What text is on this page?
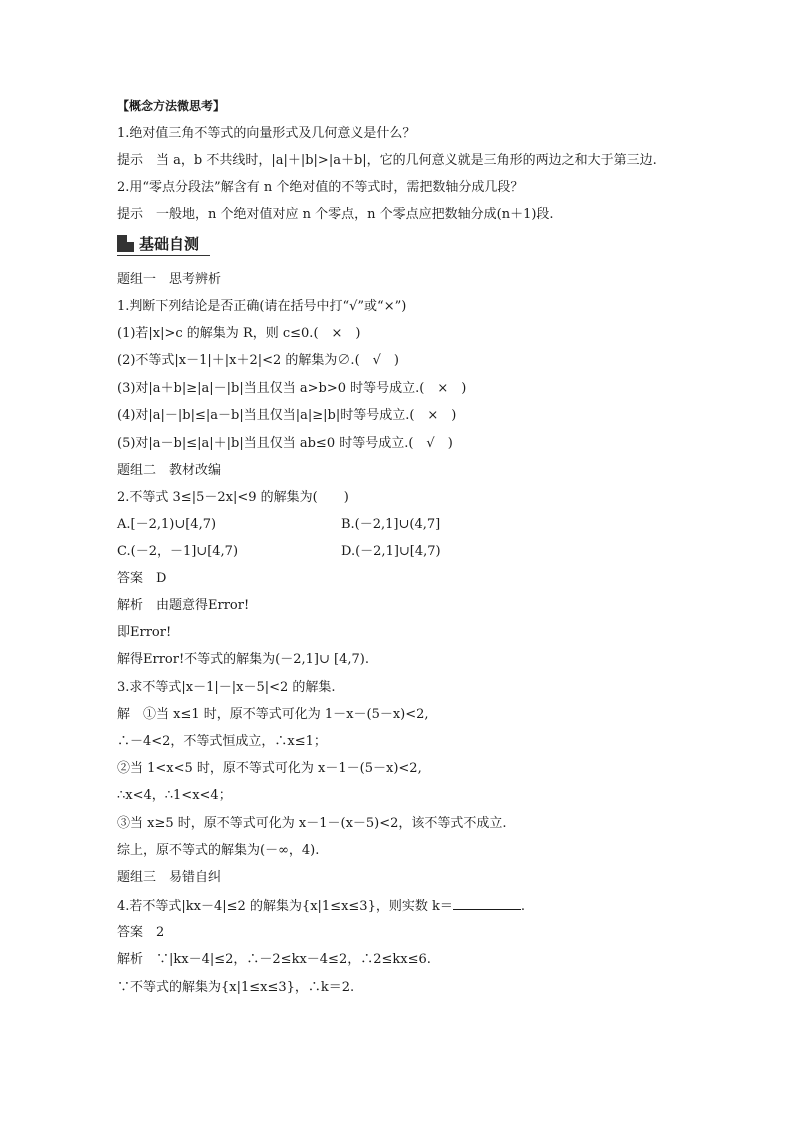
【概念方法微思考】
1.绝对值三角不等式的向量形式及几何意义是什么？
提示　当 a，b 不共线时，|a|＋|b|>|a＋b|，它的几何意义就是三角形的两边之和大于第三边.
2.用“零点分段法”解含有 n 个绝对值的不等式时，需把数轴分成几段？
提示　一般地，n 个绝对值对应 n 个零点，n 个零点应把数轴分成(n＋1)段.
基础自测
题组一　思考辨析
1.判断下列结论是否正确(请在括号中打“√”或“×”)
(1)若|x|>c 的解集为 R，则 c≤0.(　×　)
(2)不等式|x－1|＋|x＋2|<2 的解集为∅.(　√　)
(3)对|a＋b|≥|a|－|b|当且仅当 a>b>0 时等号成立.(　×　)
(4)对|a|－|b|≤|a－b|当且仅当|a|≥|b|时等号成立.(　×　)
(5)对|a－b|≤|a|＋|b|当且仅当 ab≤0 时等号成立.(　√　)
题组二　教材改编
2.不等式 3≤|5－2x|<9 的解集为(　　)
A.[－2,1)∪[4,7)	B.(－2,1]∪(4,7]
C.(－2，－1]∪[4,7)	D.(－2,1]∪[4,7)
答案　D
解析　由题意得Error!
即Error!
解得Error!不等式的解集为(－2,1]∪ [4,7).
3.求不等式|x－1|－|x－5|<2 的解集.
解　①当 x≤1 时，原不等式可化为 1－x－(5－x)<2,
∴－4<2，不等式恒成立，∴x≤1；
②当 1<x<5 时，原不等式可化为 x－1－(5－x)<2,
∴x<4，∴1<x<4；
③当 x≥5 时，原不等式可化为 x－1－(x－5)<2，该不等式不成立.
综上，原不等式的解集为(－∞，4).
题组三　易错自纠
4.若不等式|kx－4|≤2 的解集为{x|1≤x≤3}，则实数 k＝	.
答案　2
解析　∵|kx－4|≤2，∴－2≤kx－4≤2，∴2≤kx≤6.
∵不等式的解集为{x|1≤x≤3}，∴k＝2.
